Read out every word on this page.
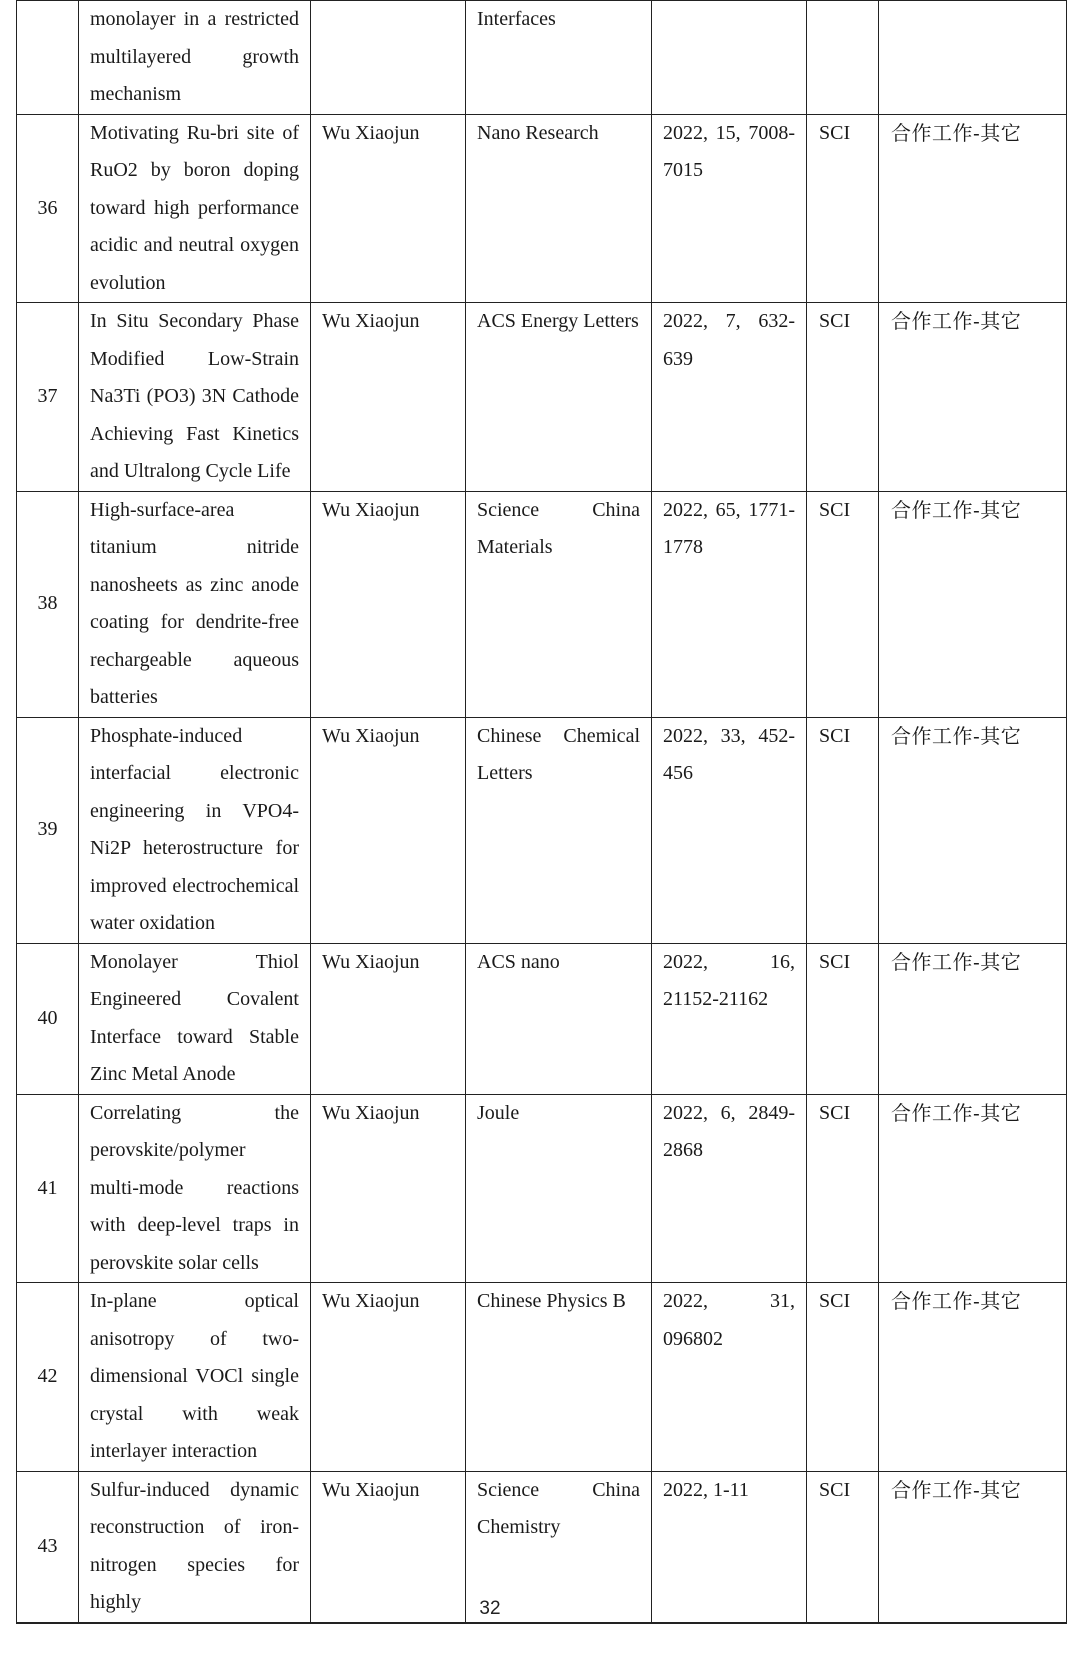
	monolayer in a restricted multilayered growth mechanism		Interfaces			
36	Motivating Ru-bri site of RuO2 by boron doping toward high performance acidic and neutral oxygen evolution	Wu Xiaojun	Nano Research	2022, 15, 7008-7015	SCI	合作工作-其它
37	In Situ Secondary Phase Modified Low-Strain Na3Ti (PO3) 3N Cathode Achieving Fast Kinetics and Ultralong Cycle Life	Wu Xiaojun	ACS Energy Letters	2022, 7, 632-639	SCI	合作工作-其它
38	High-surface-area titanium nitride nanosheets as zinc anode coating for dendrite-free rechargeable aqueous batteries	Wu Xiaojun	Science China Materials	2022, 65, 1771-1778	SCI	合作工作-其它
39	Phosphate-induced interfacial electronic engineering in VPO4-Ni2P heterostructure for improved electrochemical water oxidation	Wu Xiaojun	Chinese Chemical Letters	2022, 33, 452-456	SCI	合作工作-其它
40	Monolayer Thiol Engineered Covalent Interface toward Stable Zinc Metal Anode	Wu Xiaojun	ACS nano	2022, 16, 21152-21162	SCI	合作工作-其它
41	Correlating the perovskite/polymer multi-mode reactions with deep-level traps in perovskite solar cells	Wu Xiaojun	Joule	2022, 6, 2849-2868	SCI	合作工作-其它
42	In-plane optical anisotropy of two-dimensional VOCl single crystal with weak interlayer interaction	Wu Xiaojun	Chinese Physics B	2022, 31, 096802	SCI	合作工作-其它
43	Sulfur-induced dynamic reconstruction of iron-nitrogen species for highly	Wu Xiaojun	Science China Chemistry	2022, 1-11	SCI	合作工作-其它
32
